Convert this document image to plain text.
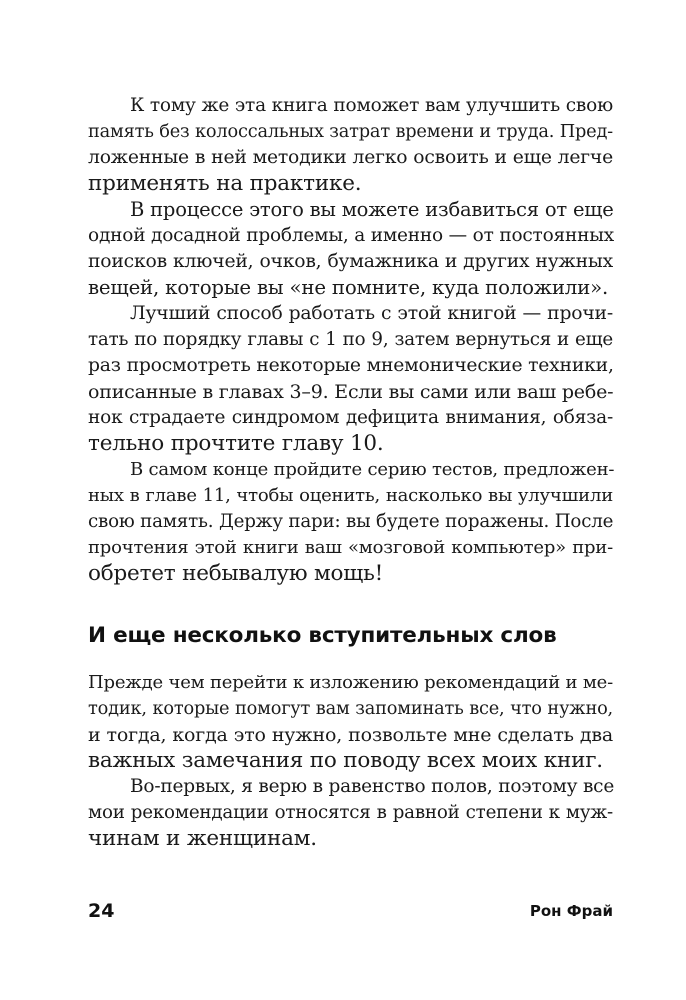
К тому же эта книга поможет вам улучшить свою
память без колоссальных затрат времени и труда. Пред-
ложенные в ней методики легко освоить и еще легче
применять на практике.
В процессе этого вы можете избавиться от еще
одной досадной проблемы, а именно — от постоянных
поисков ключей, очков, бумажника и других нужных
вещей, которые вы «не помните, куда положили».
Лучший способ работать с этой книгой — прочи-
тать по порядку главы с 1 по 9, затем вернуться и еще
раз просмотреть некоторые мнемонические техники,
описанные в главах 3–9. Если вы сами или ваш ребе-
нок страдаете синдромом дефицита внимания, обяза-
тельно прочтите главу 10.
В самом конце пройдите серию тестов, предложен-
ных в главе 11, чтобы оценить, насколько вы улучшили
свою память. Держу пари: вы будете поражены. После
прочтения этой книги ваш «мозговой компьютер» при-
обретет небывалую мощь!
И еще несколько вступительных слов
Прежде чем перейти к изложению рекомендаций и ме-
тодик, которые помогут вам запоминать все, что нужно,
и тогда, когда это нужно, позвольте мне сделать два
важных замечания по поводу всех моих книг.
Во-первых, я верю в равенство полов, поэтому все
мои рекомендации относятся в равной степени к муж-
чинам и женщинам.
24	Рон Фрай
